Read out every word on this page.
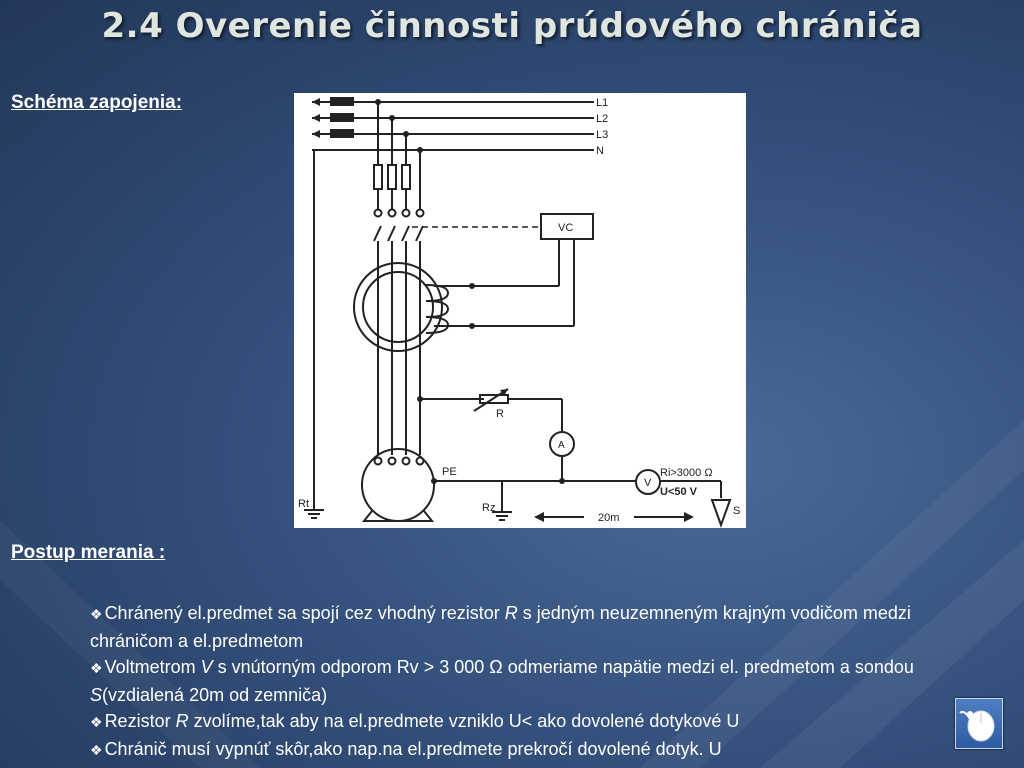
2.4 Overenie činnosti prúdového chrániča
Schéma zapojenia:	L1
L2
L3
N
VC
R
A
V
PE	Ri>3000 Ω
U<50 V
Rt	Rz
20m
S
Postup merania :

❖ Chránený el.predmet sa spojí cez vhodný rezistor R s jedným neuzemneným krajným vodičom medzi chráničom a el.predmetom

❖ Voltmetrom V s vnútorným odporom Rv > 3 000 Ω odmeriame napätie medzi el. predmetom a sondou S(vzdialená 20m od zemniča)

❖ Rezistor R zvolíme,tak aby na el.predmete vzniklo U< ako dovolené dotykové U

❖ Chránič musí vypnúť skôr,ako nap.na el.predmete prekročí dovolené dotyk. U
